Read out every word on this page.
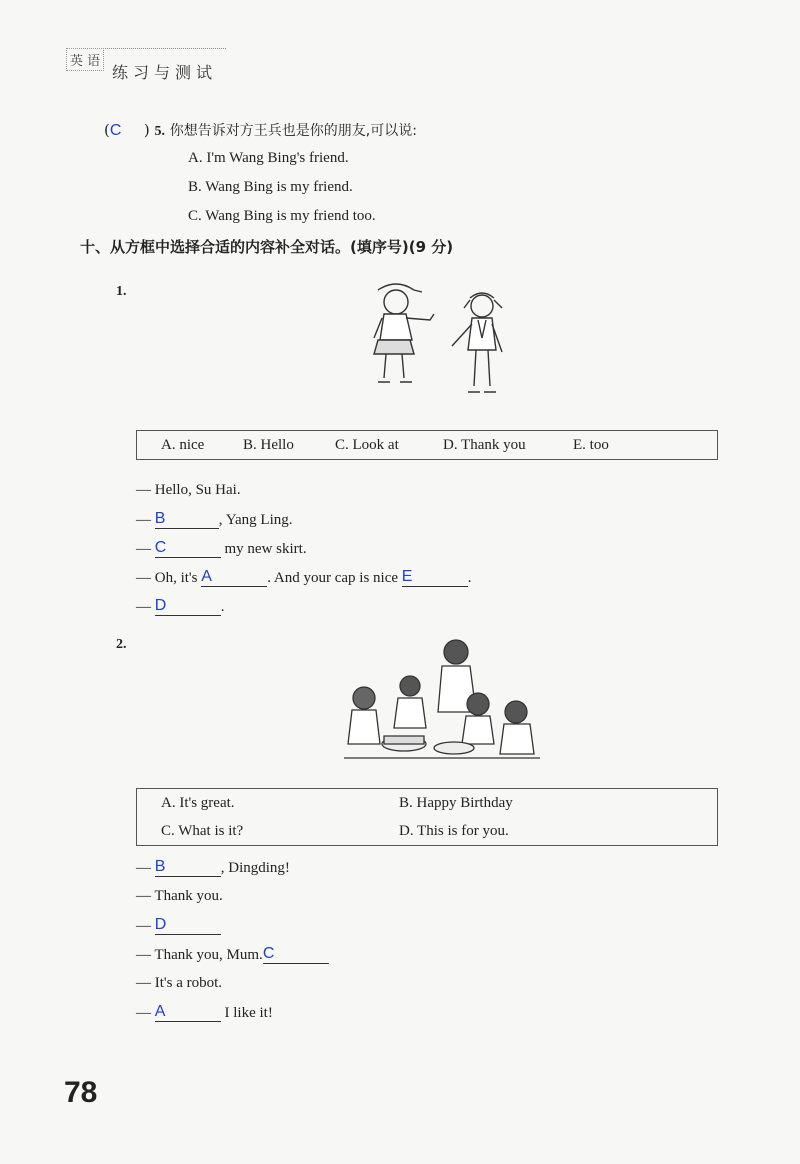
英 语
练习与测试
(C ) 5. 你想告诉对方王兵也是你的朋友,可以说:
A. I'm Wang Bing's friend.
B. Wang Bing is my friend.
C. Wang Bing is my friend too.
十、从方框中选择合适的内容补全对话。(填序号)(9 分)
1.
A. nice	B. Hello	C. Look at	D. Thank you	E. too
— Hello, Su Hai.
— B	, Yang Ling.
— C	my new skirt.
— Oh, it's A	. And your cap is nice E	.
— D	.
2.
A. It's great.	B. Happy Birthday
C. What is it?	D. This is for you.
— B	, Dingding!
— Thank you.
— D
— Thank you, Mum. C
— It's a robot.
— A	I like it!
78
